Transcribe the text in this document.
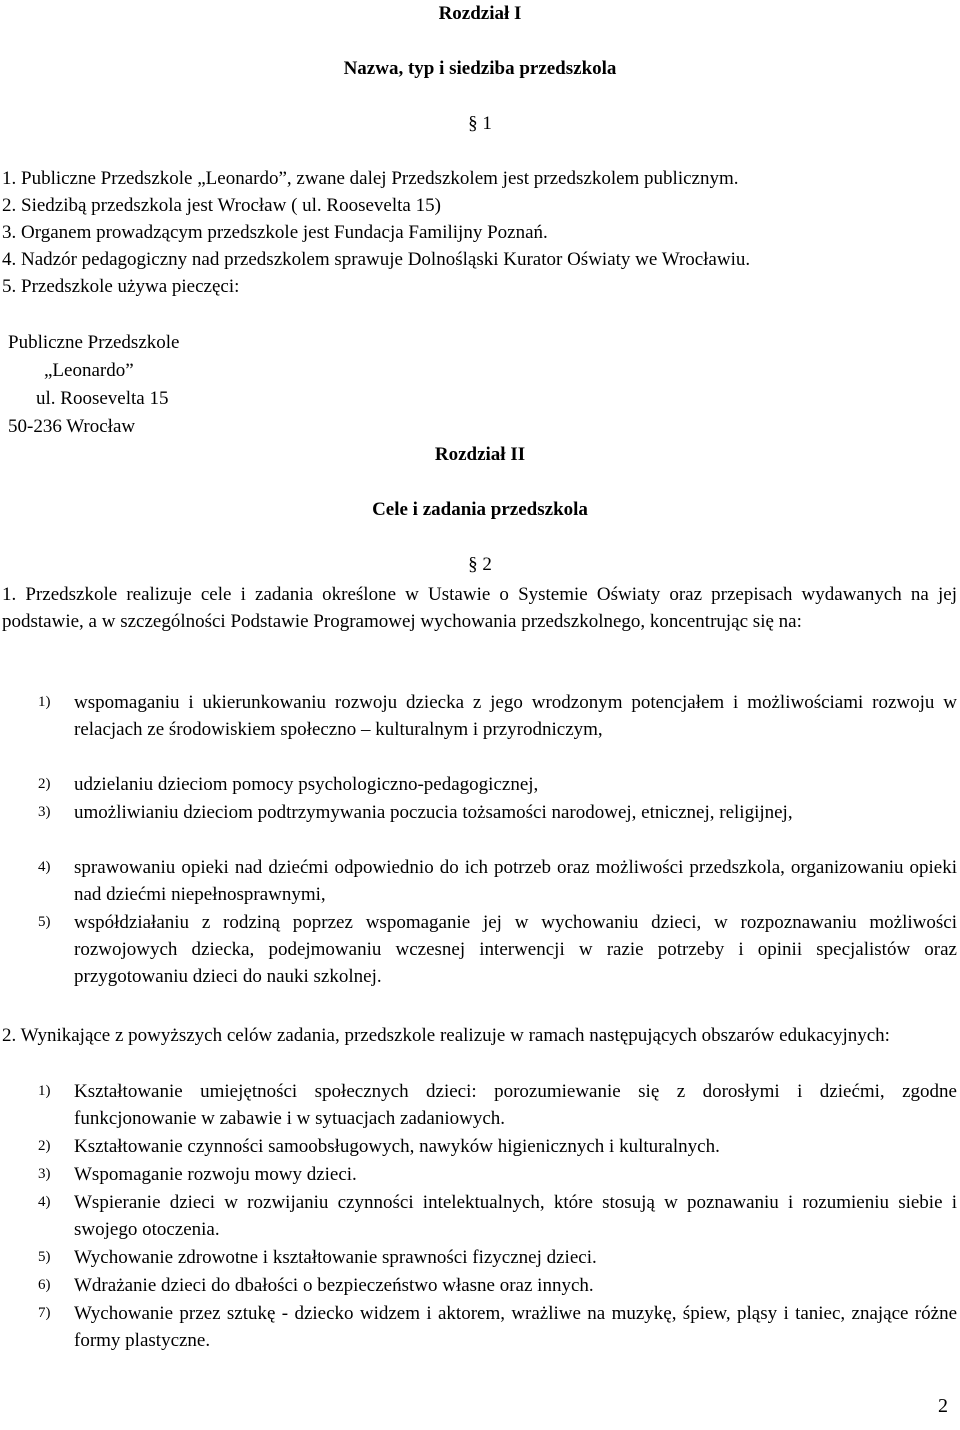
Rozdział I
Nazwa, typ i siedziba przedszkola
§ 1
1. Publiczne Przedszkole „Leonardo”, zwane dalej Przedszkolem jest przedszkolem publicznym.
2. Siedzibą przedszkola jest Wrocław ( ul. Roosevelta 15)
3. Organem prowadzącym przedszkole jest Fundacja Familijny Poznań.
4. Nadzór pedagogiczny nad przedszkolem sprawuje Dolnośląski Kurator Oświaty we Wrocławiu.
5. Przedszkole używa pieczęci:
Publiczne Przedszkole
„Leonardo”
ul. Roosevelta 15
50-236 Wrocław
Rozdział II
Cele i zadania przedszkola
§ 2
1. Przedszkole realizuje cele i zadania określone w Ustawie o Systemie Oświaty oraz przepisach wydawanych na jej podstawie, a w szczególności Podstawie Programowej wychowania przedszkolnego, koncentrując się na:
1) wspomaganiu i ukierunkowaniu rozwoju dziecka z jego wrodzonym potencjałem i możliwościami rozwoju w relacjach ze środowiskiem społeczno – kulturalnym i przyrodniczym,
2) udzielaniu dzieciom pomocy psychologiczno-pedagogicznej,
3) umożliwianiu dzieciom podtrzymywania poczucia tożsamości narodowej, etnicznej, religijnej,
4) sprawowaniu opieki nad dziećmi odpowiednio do ich potrzeb oraz możliwości przedszkola, organizowaniu opieki nad dziećmi niepełnosprawnymi,
5) współdziałaniu z rodziną poprzez wspomaganie jej w wychowaniu dzieci, w rozpoznawaniu możliwości rozwojowych dziecka, podejmowaniu wczesnej interwencji w razie potrzeby i opinii specjalistów oraz przygotowaniu dzieci do nauki szkolnej.
2. Wynikające z powyższych celów zadania, przedszkole realizuje w ramach następujących obszarów edukacyjnych:
1) Kształtowanie umiejętności społecznych dzieci: porozumiewanie się z dorosłymi i dziećmi, zgodne funkcjonowanie w zabawie i w sytuacjach zadaniowych.
2) Kształtowanie czynności samoobsługowych, nawyków higienicznych i kulturalnych.
3) Wspomaganie rozwoju mowy dzieci.
4) Wspieranie dzieci w rozwijaniu czynności intelektualnych, które stosują w poznawaniu i rozumieniu siebie i swojego otoczenia.
5) Wychowanie zdrowotne i kształtowanie sprawności fizycznej dzieci.
6) Wdrażanie dzieci do dbałości o bezpieczeństwo własne oraz innych.
7) Wychowanie przez sztukę - dziecko widzem i aktorem, wrażliwe na muzykę, śpiew, pląsy i taniec, znające różne formy plastyczne.
2
